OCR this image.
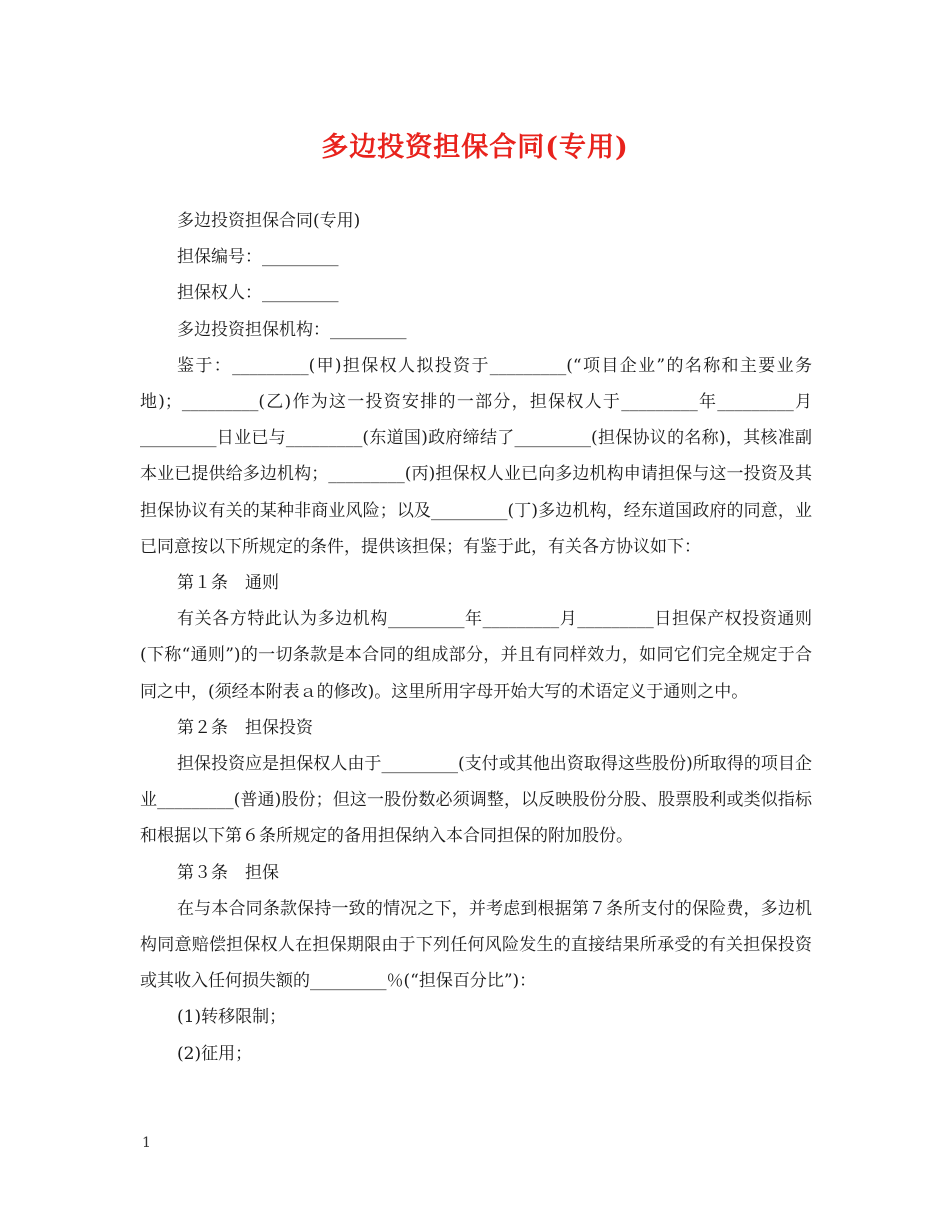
多边投资担保合同(专用)

多边投资担保合同(专用)

担保编号：_________

担保权人：_________

多边投资担保机构：_________

鉴于：_________(甲)担保权人拟投资于_________(“项目企业”的名称和主要业务地)；_________(乙)作为这一投资安排的一部分，担保权人于_________年_________月_________日业已与_________(东道国)政府缔结了_________(担保协议的名称)，其核准副本业已提供给多边机构；_________(丙)担保权人业已向多边机构申请担保与这一投资及其担保协议有关的某种非商业风险；以及_________(丁)多边机构，经东道国政府的同意，业已同意按以下所规定的条件，提供该担保；有鉴于此，有关各方协议如下：

第１条　通则

有关各方特此认为多边机构_________年_________月_________日担保产权投资通则(下称“通则”)的一切条款是本合同的组成部分，并且有同样效力，如同它们完全规定于合同之中，(须经本附表ａ的修改)。这里所用字母开始大写的术语定义于通则之中。

第２条　担保投资

担保投资应是担保权人由于_________(支付或其他出资取得这些股份)所取得的项目企业_________(普通)股份；但这一股份数必须调整，以反映股份分股、股票股利或类似指标和根据以下第６条所规定的备用担保纳入本合同担保的附加股份。

第３条　担保

在与本合同条款保持一致的情况之下，并考虑到根据第７条所支付的保险费，多边机构同意赔偿担保权人在担保期限由于下列任何风险发生的直接结果所承受的有关担保投资或其收入任何损失额的_________％(“担保百分比”)：

(1)转移限制；

(2)征用；

1
